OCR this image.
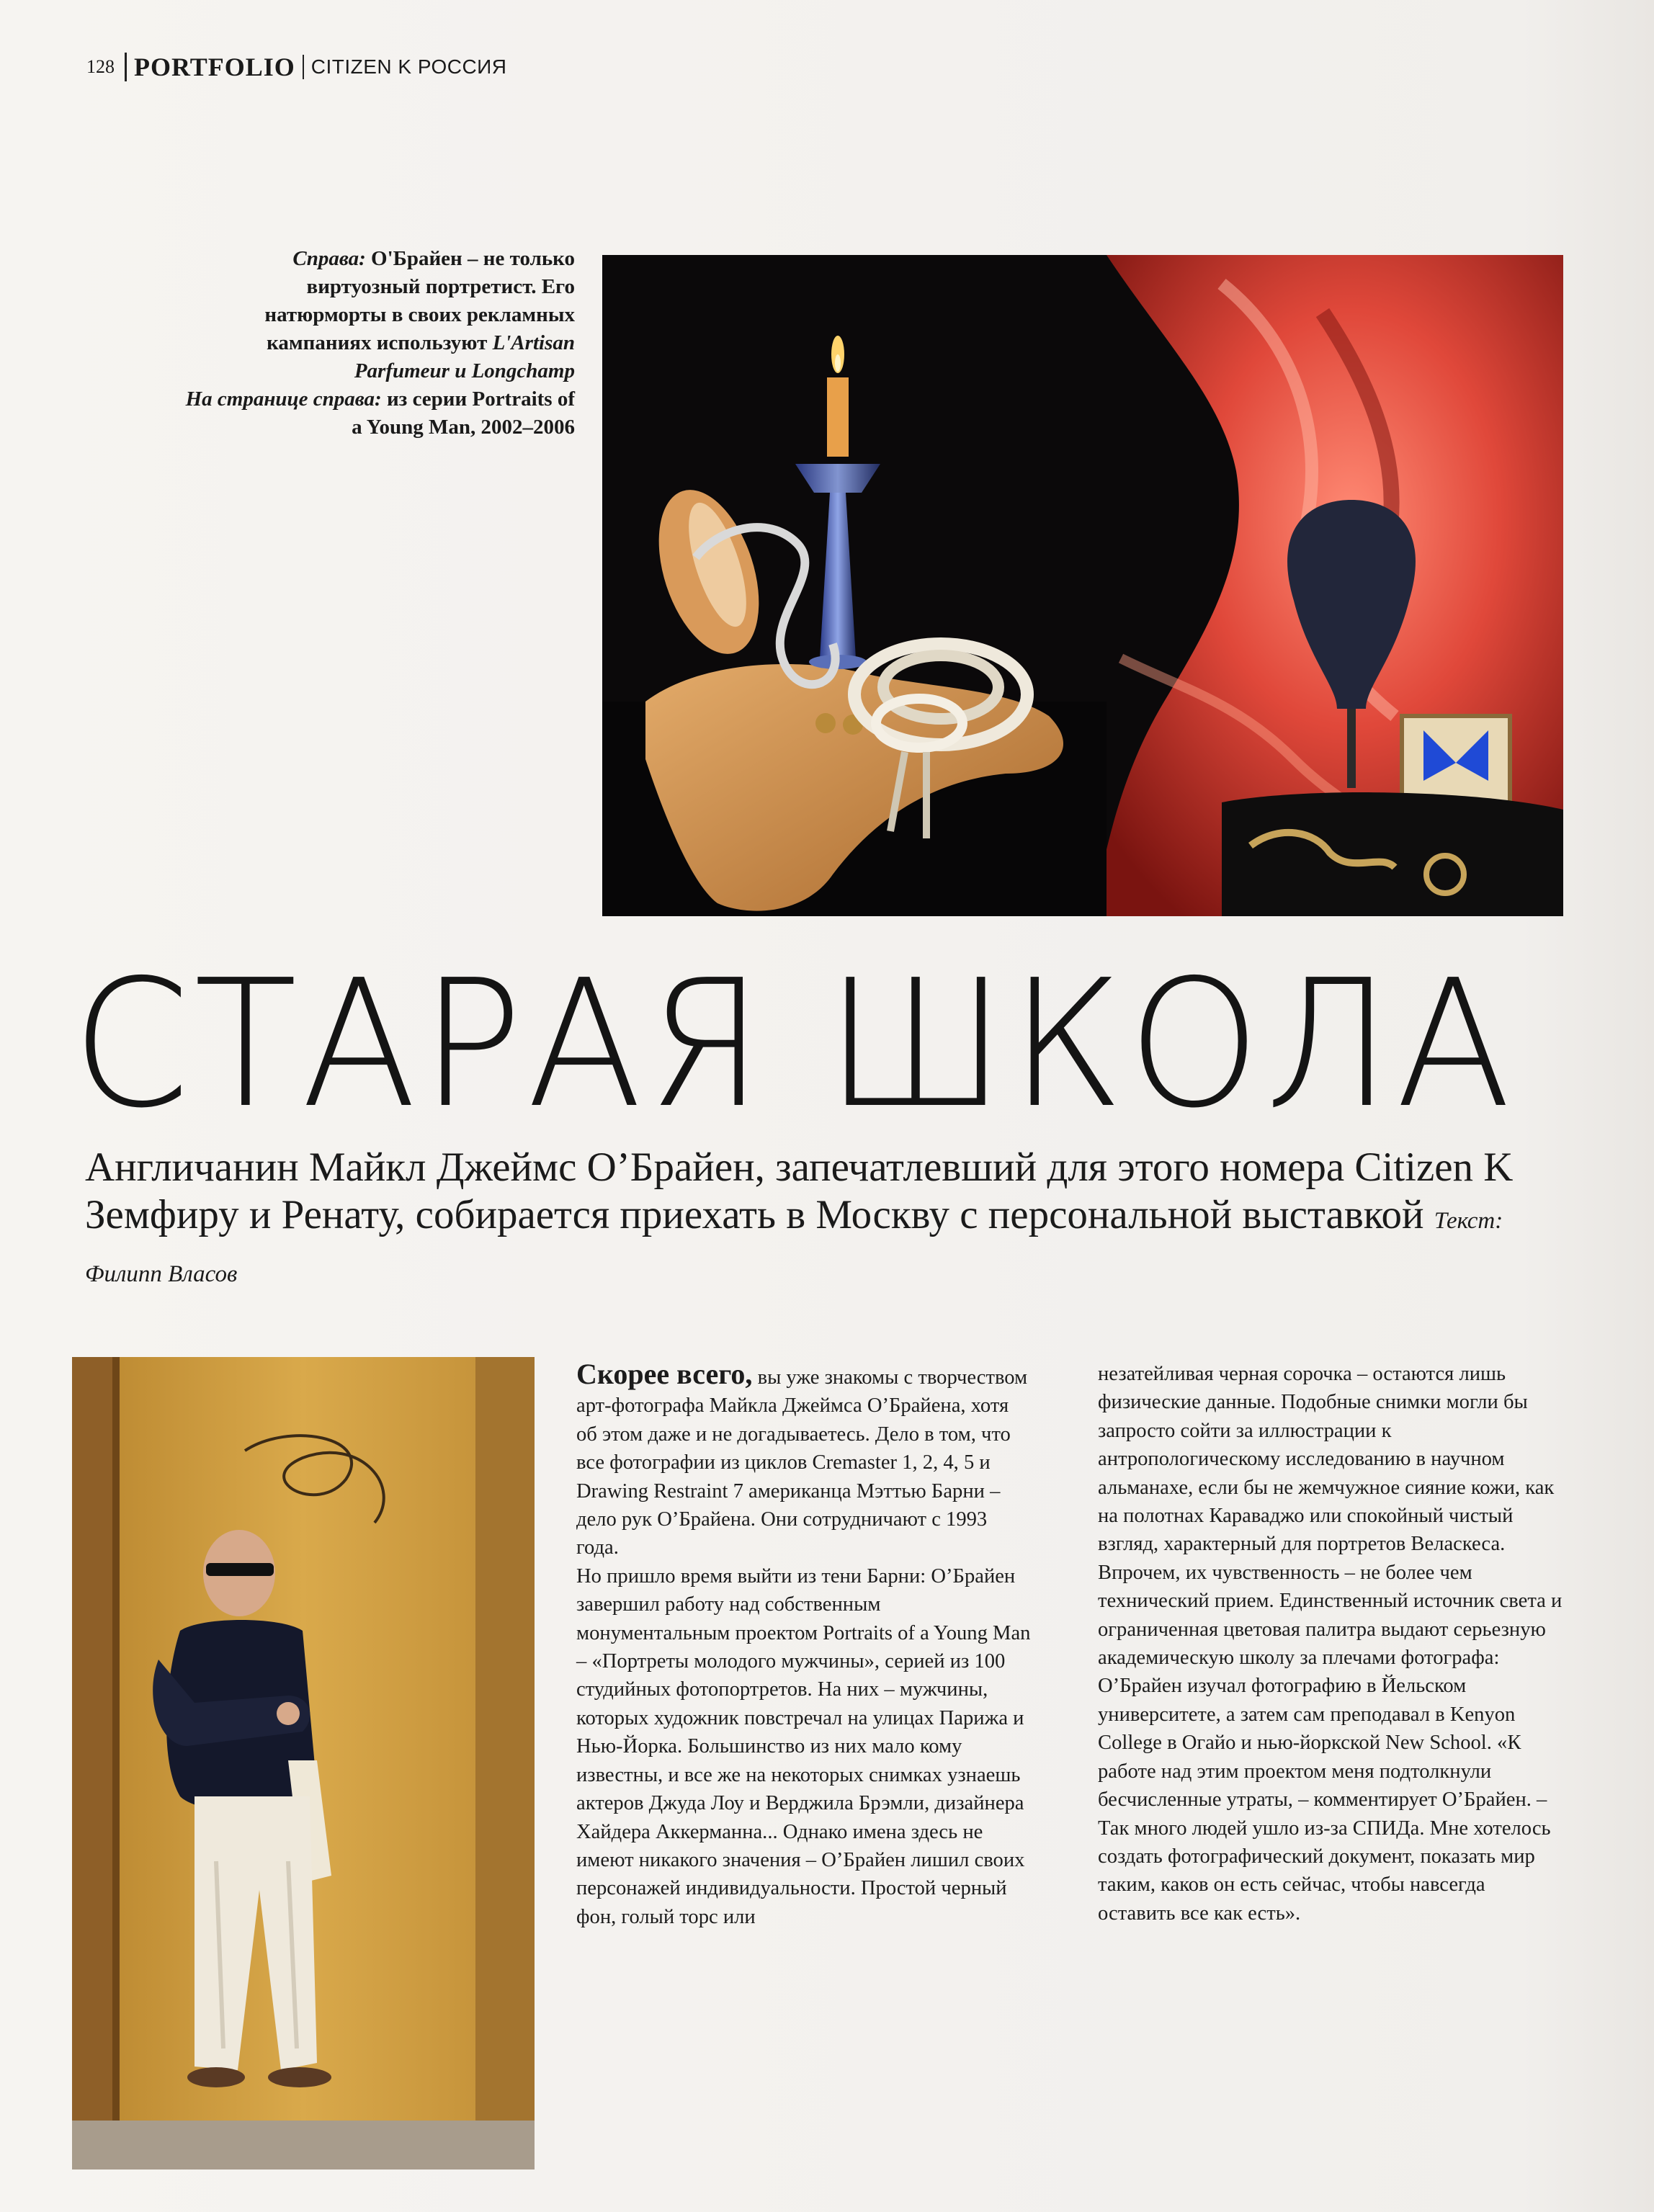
128 PORTFOLIO CITIZEN K РОССИЯ
Справа: О'Брайен – не только виртуозный портретист. Его натюрморты в своих рекламных кампаниях используют L'Artisan Parfumeur и Longchamp
На странице справа: из серии Portraits of a Young Man, 2002–2006
СТАРАЯ ШКОЛА
Англичанин Майкл Джеймс О’Брайен, запечатлевший для этого номера Citizen K Земфиру и Ренату, собирается приехать в Москву с персональной выставкой Текст: Филипп Власов

Скорее всего, вы уже знакомы с творчеством арт-фотографа Майкла Джеймса О’Брайена, хотя об этом даже и не догадываетесь. Дело в том, что все фотографии из циклов Cremaster 1, 2, 4, 5 и Drawing Restraint 7 американца Мэттью Барни – дело рук О’Брайена. Они сотрудничают с 1993 года.

Но пришло время выйти из тени Барни: О’Брайен завершил работу над собственным монументальным проектом Portraits of a Young Man – «Портреты молодого мужчины», серией из 100 студийных фотопортретов. На них – мужчины, которых художник повстречал на улицах Парижа и Нью-Йорка. Большинство из них мало кому известны, и все же на некоторых снимках узнаешь актеров Джуда Лоу и Верджила Брэмли, дизайнера Хайдера Аккерманна... Однако имена здесь не имеют никакого значения – О’Брайен лишил своих персонажей индивидуальности. Простой черный фон, голый торс или

незатейливая черная сорочка – остаются лишь физические данные. Подобные снимки могли бы запросто сойти за иллюстрации к антропологическому исследованию в научном альманахе, если бы не жемчужное сияние кожи, как на полотнах Караваджо или спокойный чистый взгляд, характерный для портретов Веласкеса. Впрочем, их чувственность – не более чем технический прием. Единственный источник света и ограниченная цветовая палитра выдают серьезную академическую школу за плечами фотографа: О’Брайен изучал фотографию в Йельском университете, а затем сам преподавал в Kenyon College в Огайо и нью-йоркской New School. «К работе над этим проектом меня подтолкнули бесчисленные утраты, – комментирует О’Брайен. – Так много людей ушло из-за СПИДа. Мне хотелось создать фотографический документ, показать мир таким, каков он есть сейчас, чтобы навсегда оставить все как есть».
